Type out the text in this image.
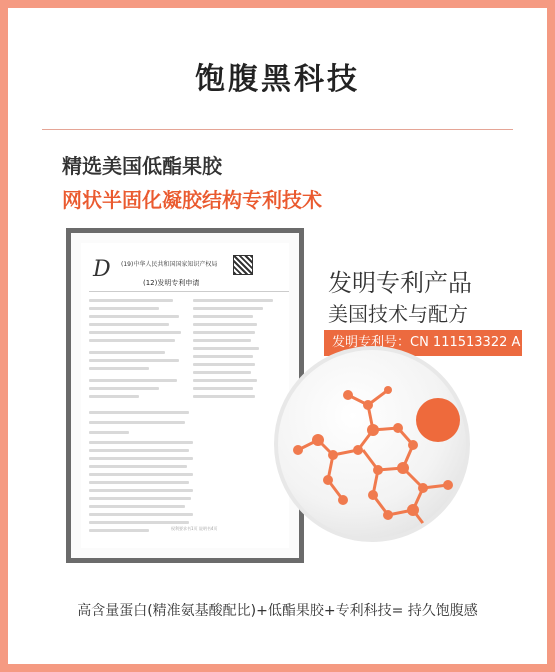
饱腹黑科技
精选美国低酯果胶
网状半固化凝胶结构专利技术
D (19)中华人民共和国国家知识产权局
(12)发明专利申请
权利要求书1页 说明书4页
发明专利产品
美国技术与配方
发明专利号：CN 111513322 A
高含量蛋白(精准氨基酸配比)+低酯果胶+专利科技= 持久饱腹感
